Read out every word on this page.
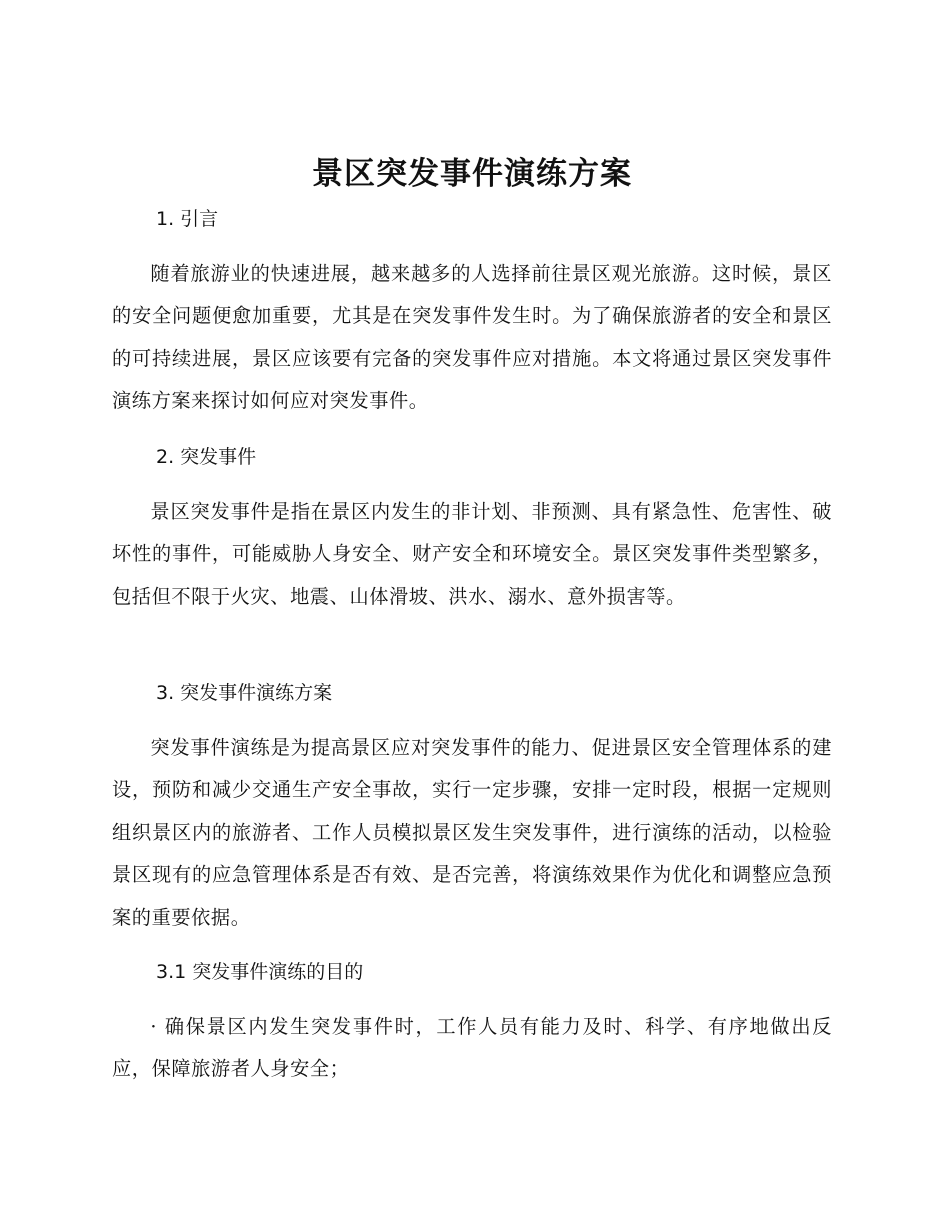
景区突发事件演练方案
1. 引言

随着旅游业的快速进展，越来越多的人选择前往景区观光旅游。这时候，景区的安全问题便愈加重要，尤其是在突发事件发生时。为了确保旅游者的安全和景区的可持续进展，景区应该要有完备的突发事件应对措施。本文将通过景区突发事件演练方案来探讨如何应对突发事件。

2. 突发事件

景区突发事件是指在景区内发生的非计划、非预测、具有紧急性、危害性、破坏性的事件，可能威胁人身安全、财产安全和环境安全。景区突发事件类型繁多，包括但不限于火灾、地震、山体滑坡、洪水、溺水、意外损害等。

3. 突发事件演练方案

突发事件演练是为提高景区应对突发事件的能力、促进景区安全管理体系的建设，预防和减少交通生产安全事故，实行一定步骤，安排一定时段，根据一定规则组织景区内的旅游者、工作人员模拟景区发生突发事件，进行演练的活动，以检验景区现有的应急管理体系是否有效、是否完善，将演练效果作为优化和调整应急预案的重要依据。

3.1 突发事件演练的目的

· 确保景区内发生突发事件时，工作人员有能力及时、科学、有序地做出反应，保障旅游者人身安全；
